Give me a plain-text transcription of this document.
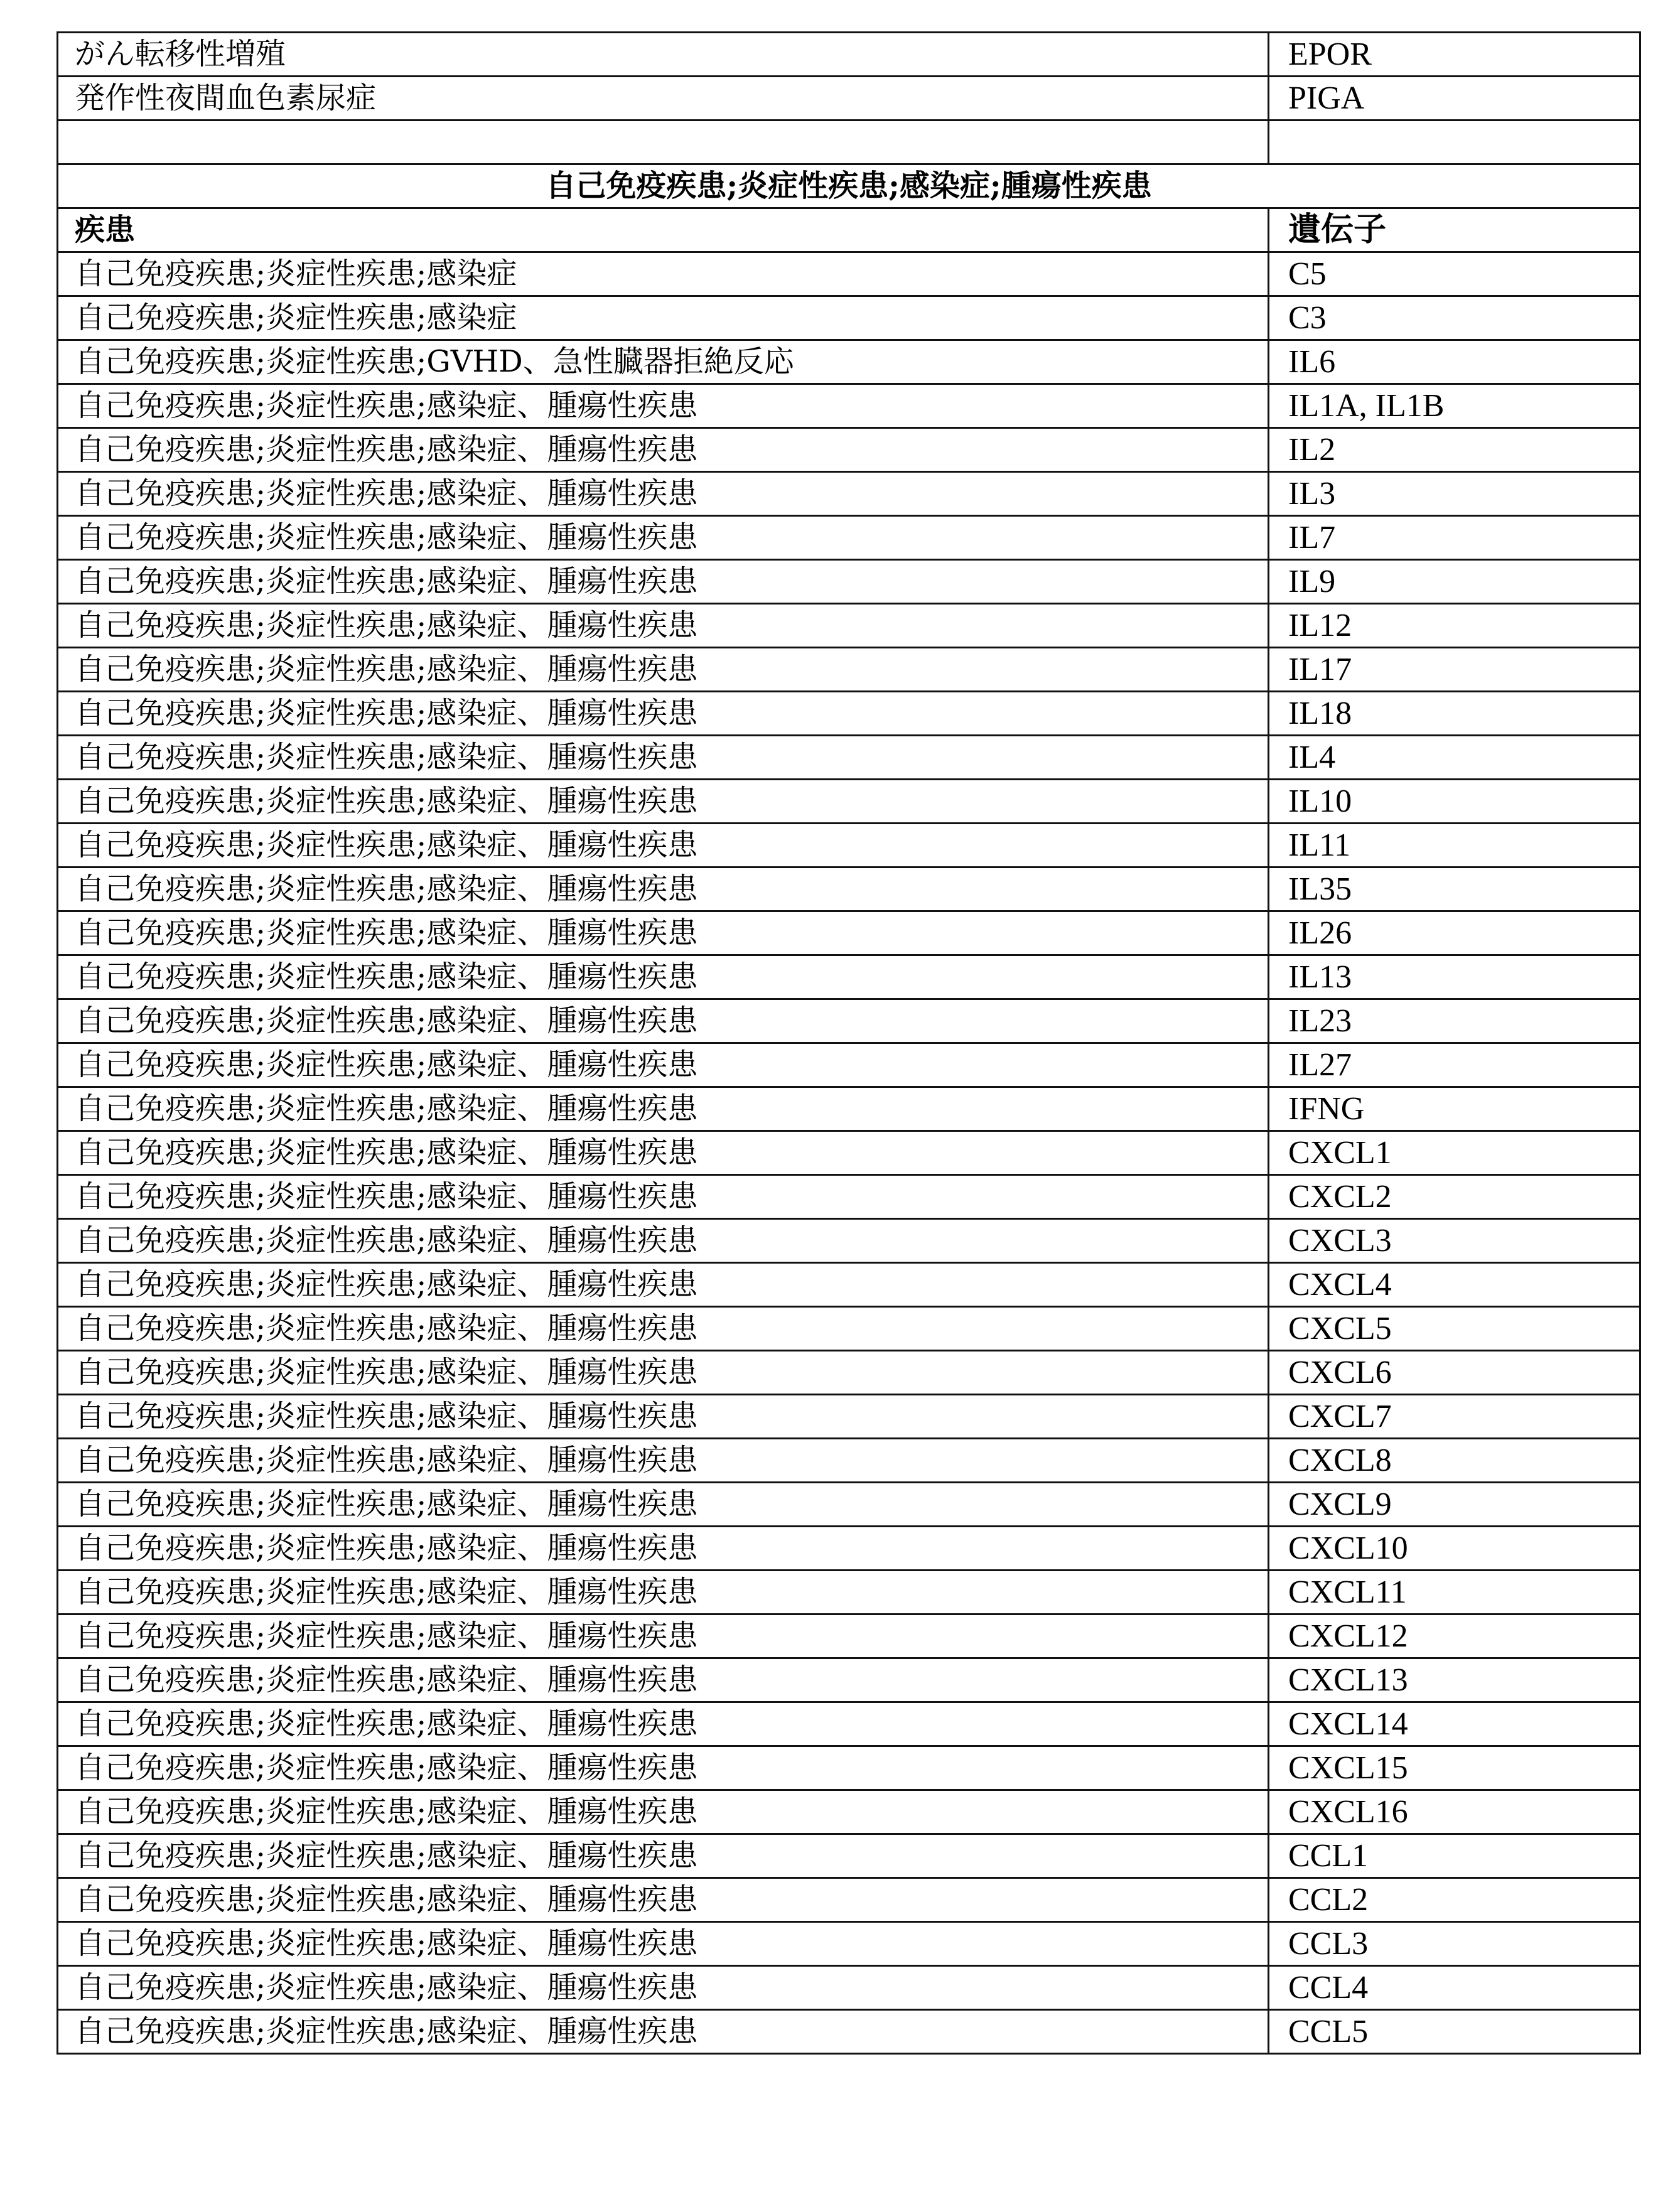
がん転移性増殖	EPOR
発作性夜間血色素尿症	PIGA

自己免疫疾患;炎症性疾患;感染症;腫瘍性疾患
疾患	遺伝子
自己免疫疾患;炎症性疾患;感染症	C5
自己免疫疾患;炎症性疾患;感染症	C3
自己免疫疾患;炎症性疾患;GVHD、急性臓器拒絶反応	IL6
自己免疫疾患;炎症性疾患;感染症、腫瘍性疾患	IL1A, IL1B
自己免疫疾患;炎症性疾患;感染症、腫瘍性疾患	IL2
自己免疫疾患;炎症性疾患;感染症、腫瘍性疾患	IL3
自己免疫疾患;炎症性疾患;感染症、腫瘍性疾患	IL7
自己免疫疾患;炎症性疾患;感染症、腫瘍性疾患	IL9
自己免疫疾患;炎症性疾患;感染症、腫瘍性疾患	IL12
自己免疫疾患;炎症性疾患;感染症、腫瘍性疾患	IL17
自己免疫疾患;炎症性疾患;感染症、腫瘍性疾患	IL18
自己免疫疾患;炎症性疾患;感染症、腫瘍性疾患	IL4
自己免疫疾患;炎症性疾患;感染症、腫瘍性疾患	IL10
自己免疫疾患;炎症性疾患;感染症、腫瘍性疾患	IL11
自己免疫疾患;炎症性疾患;感染症、腫瘍性疾患	IL35
自己免疫疾患;炎症性疾患;感染症、腫瘍性疾患	IL26
自己免疫疾患;炎症性疾患;感染症、腫瘍性疾患	IL13
自己免疫疾患;炎症性疾患;感染症、腫瘍性疾患	IL23
自己免疫疾患;炎症性疾患;感染症、腫瘍性疾患	IL27
自己免疫疾患;炎症性疾患;感染症、腫瘍性疾患	IFNG
自己免疫疾患;炎症性疾患;感染症、腫瘍性疾患	CXCL1
自己免疫疾患;炎症性疾患;感染症、腫瘍性疾患	CXCL2
自己免疫疾患;炎症性疾患;感染症、腫瘍性疾患	CXCL3
自己免疫疾患;炎症性疾患;感染症、腫瘍性疾患	CXCL4
自己免疫疾患;炎症性疾患;感染症、腫瘍性疾患	CXCL5
自己免疫疾患;炎症性疾患;感染症、腫瘍性疾患	CXCL6
自己免疫疾患;炎症性疾患;感染症、腫瘍性疾患	CXCL7
自己免疫疾患;炎症性疾患;感染症、腫瘍性疾患	CXCL8
自己免疫疾患;炎症性疾患;感染症、腫瘍性疾患	CXCL9
自己免疫疾患;炎症性疾患;感染症、腫瘍性疾患	CXCL10
自己免疫疾患;炎症性疾患;感染症、腫瘍性疾患	CXCL11
自己免疫疾患;炎症性疾患;感染症、腫瘍性疾患	CXCL12
自己免疫疾患;炎症性疾患;感染症、腫瘍性疾患	CXCL13
自己免疫疾患;炎症性疾患;感染症、腫瘍性疾患	CXCL14
自己免疫疾患;炎症性疾患;感染症、腫瘍性疾患	CXCL15
自己免疫疾患;炎症性疾患;感染症、腫瘍性疾患	CXCL16
自己免疫疾患;炎症性疾患;感染症、腫瘍性疾患	CCL1
自己免疫疾患;炎症性疾患;感染症、腫瘍性疾患	CCL2
自己免疫疾患;炎症性疾患;感染症、腫瘍性疾患	CCL3
自己免疫疾患;炎症性疾患;感染症、腫瘍性疾患	CCL4
自己免疫疾患;炎症性疾患;感染症、腫瘍性疾患	CCL5
